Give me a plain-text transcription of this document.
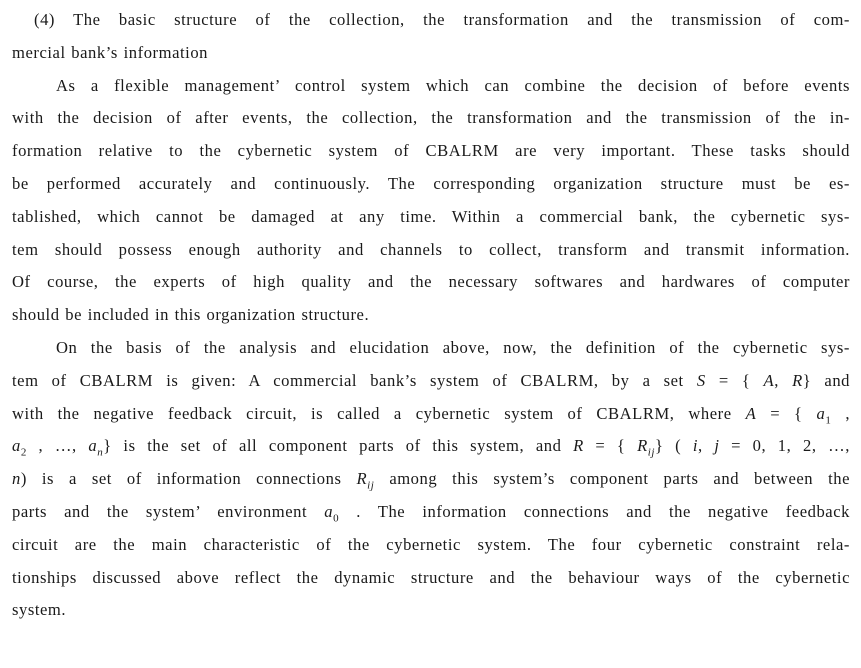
(4) The basic structure of the collection, the transformation and the transmission of com-
mercial bank’s information
As a flexible management’ control system which can combine the decision of before events
with the decision of after events, the collection, the transformation and the transmission of the in-
formation relative to the cybernetic system of CBALRM are very important. These tasks should
be performed accurately and continuously. The corresponding organization structure must be es-
tablished, which cannot be damaged at any time. Within a commercial bank, the cybernetic sys-
tem should possess enough authority and channels to collect, transform and transmit information.
Of course, the experts of high quality and the necessary softwares and hardwares of computer
should be included in this organization structure.
On the basis of the analysis and elucidation above, now, the definition of the cybernetic sys-
tem of CBALRM is given: A commercial bank’s system of CBALRM, by a set S = { A, R} and
with the negative feedback circuit, is called a cybernetic system of CBALRM, where A = { $a_1$ ,
$a_2$ , …, $a_n$} is the set of all component parts of this system, and R = { $R_{ij}$} ( i, j = 0, 1, 2, …,
n) is a set of information connections $R_{ij}$ among this system’s component parts and between the
parts and the system’ environment $a_0$ . The information connections and the negative feedback
circuit are the main characteristic of the cybernetic system. The four cybernetic constraint rela-
tionships discussed above reflect the dynamic structure and the behaviour ways of the cybernetic
system.
